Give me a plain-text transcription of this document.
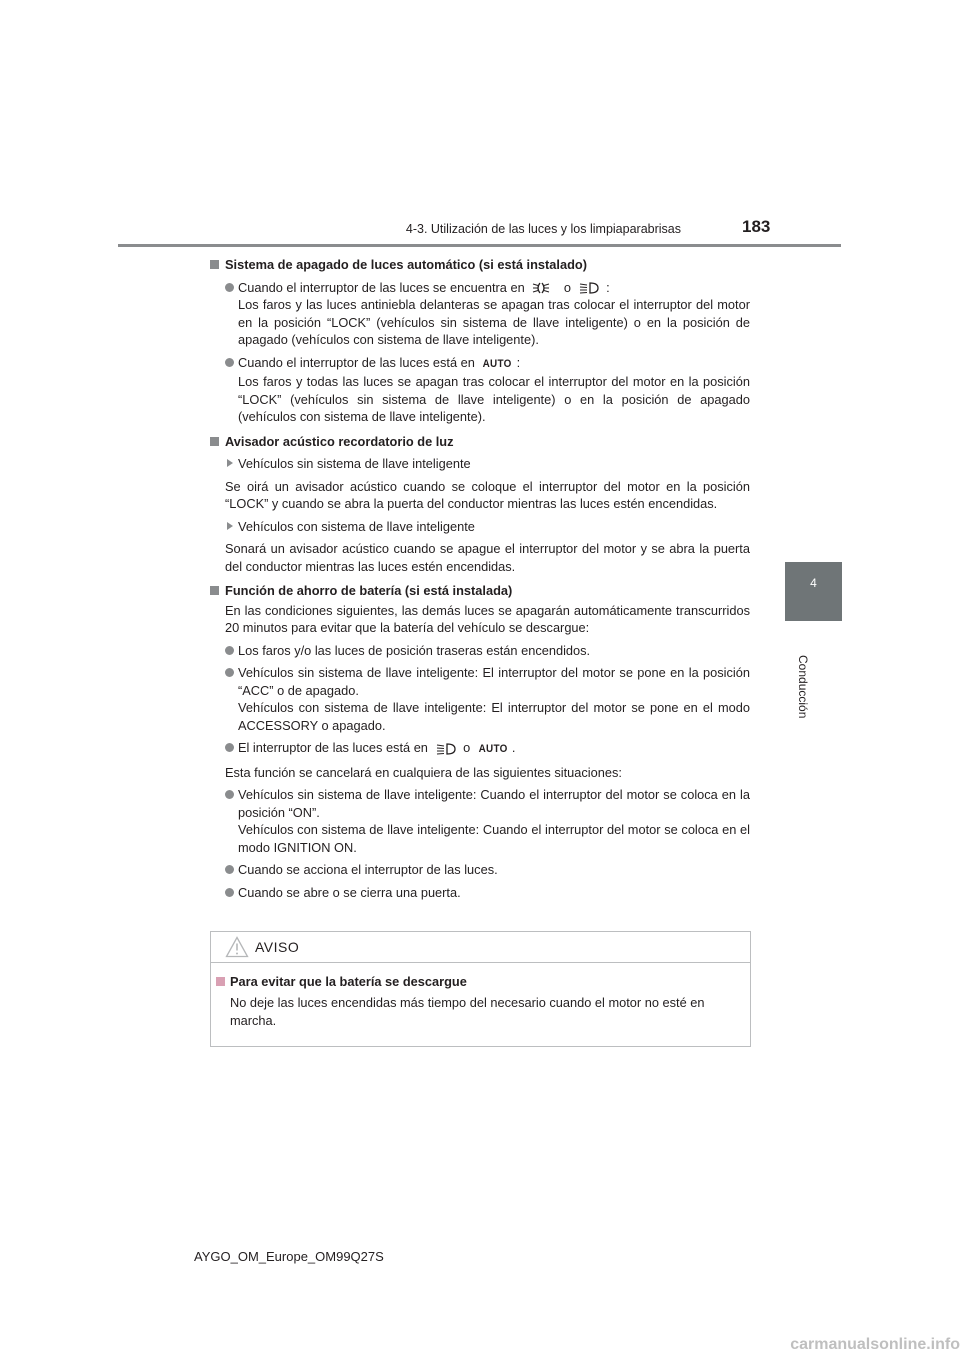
4-3. Utilización de las luces y los limpiaparabrisas	183
4
Conducción

Sistema de apagado de luces automático (si está instalado)

Cuando el interruptor de las luces se encuentra en	o	:
Los faros y las luces antiniebla delanteras se apagan tras colocar el interruptor del motor en la posición “LOCK” (vehículos sin sistema de llave inteligente) o en la posición de apagado (vehículos con sistema de llave inteligente).

Cuando el interruptor de las luces está en AUTO :
Los faros y todas las luces se apagan tras colocar el interruptor del motor en la posición “LOCK” (vehículos sin sistema de llave inteligente) o en la posición de apagado (vehículos con sistema de llave inteligente).

Avisador acústico recordatorio de luz

Vehículos sin sistema de llave inteligente

Se oirá un avisador acústico cuando se coloque el interruptor del motor en la posición “LOCK” y cuando se abra la puerta del conductor mientras las luces estén encendidas.

Vehículos con sistema de llave inteligente

Sonará un avisador acústico cuando se apague el interruptor del motor y se abra la puerta del conductor mientras las luces estén encendidas.

Función de ahorro de batería (si está instalada)

En las condiciones siguientes, las demás luces se apagarán automáticamente transcurridos 20 minutos para evitar que la batería del vehículo se descargue:

Los faros y/o las luces de posición traseras están encendidos.

Vehículos sin sistema de llave inteligente: El interruptor del motor se pone en la posición “ACC” o de apagado.
Vehículos con sistema de llave inteligente: El interruptor del motor se pone en el modo ACCESSORY o apagado.

El interruptor de las luces está en	o AUTO .

Esta función se cancelará en cualquiera de las siguientes situaciones:

Vehículos sin sistema de llave inteligente: Cuando el interruptor del motor se coloca en la posición “ON”.
Vehículos con sistema de llave inteligente: Cuando el interruptor del motor se coloca en el modo IGNITION ON.

Cuando se acciona el interruptor de las luces.

Cuando se abre o se cierra una puerta.

AVISO
Para evitar que la batería se descargue
No deje las luces encendidas más tiempo del necesario cuando el motor no esté en marcha.
AYGO_OM_Europe_OM99Q27S
carmanualsonline.info
